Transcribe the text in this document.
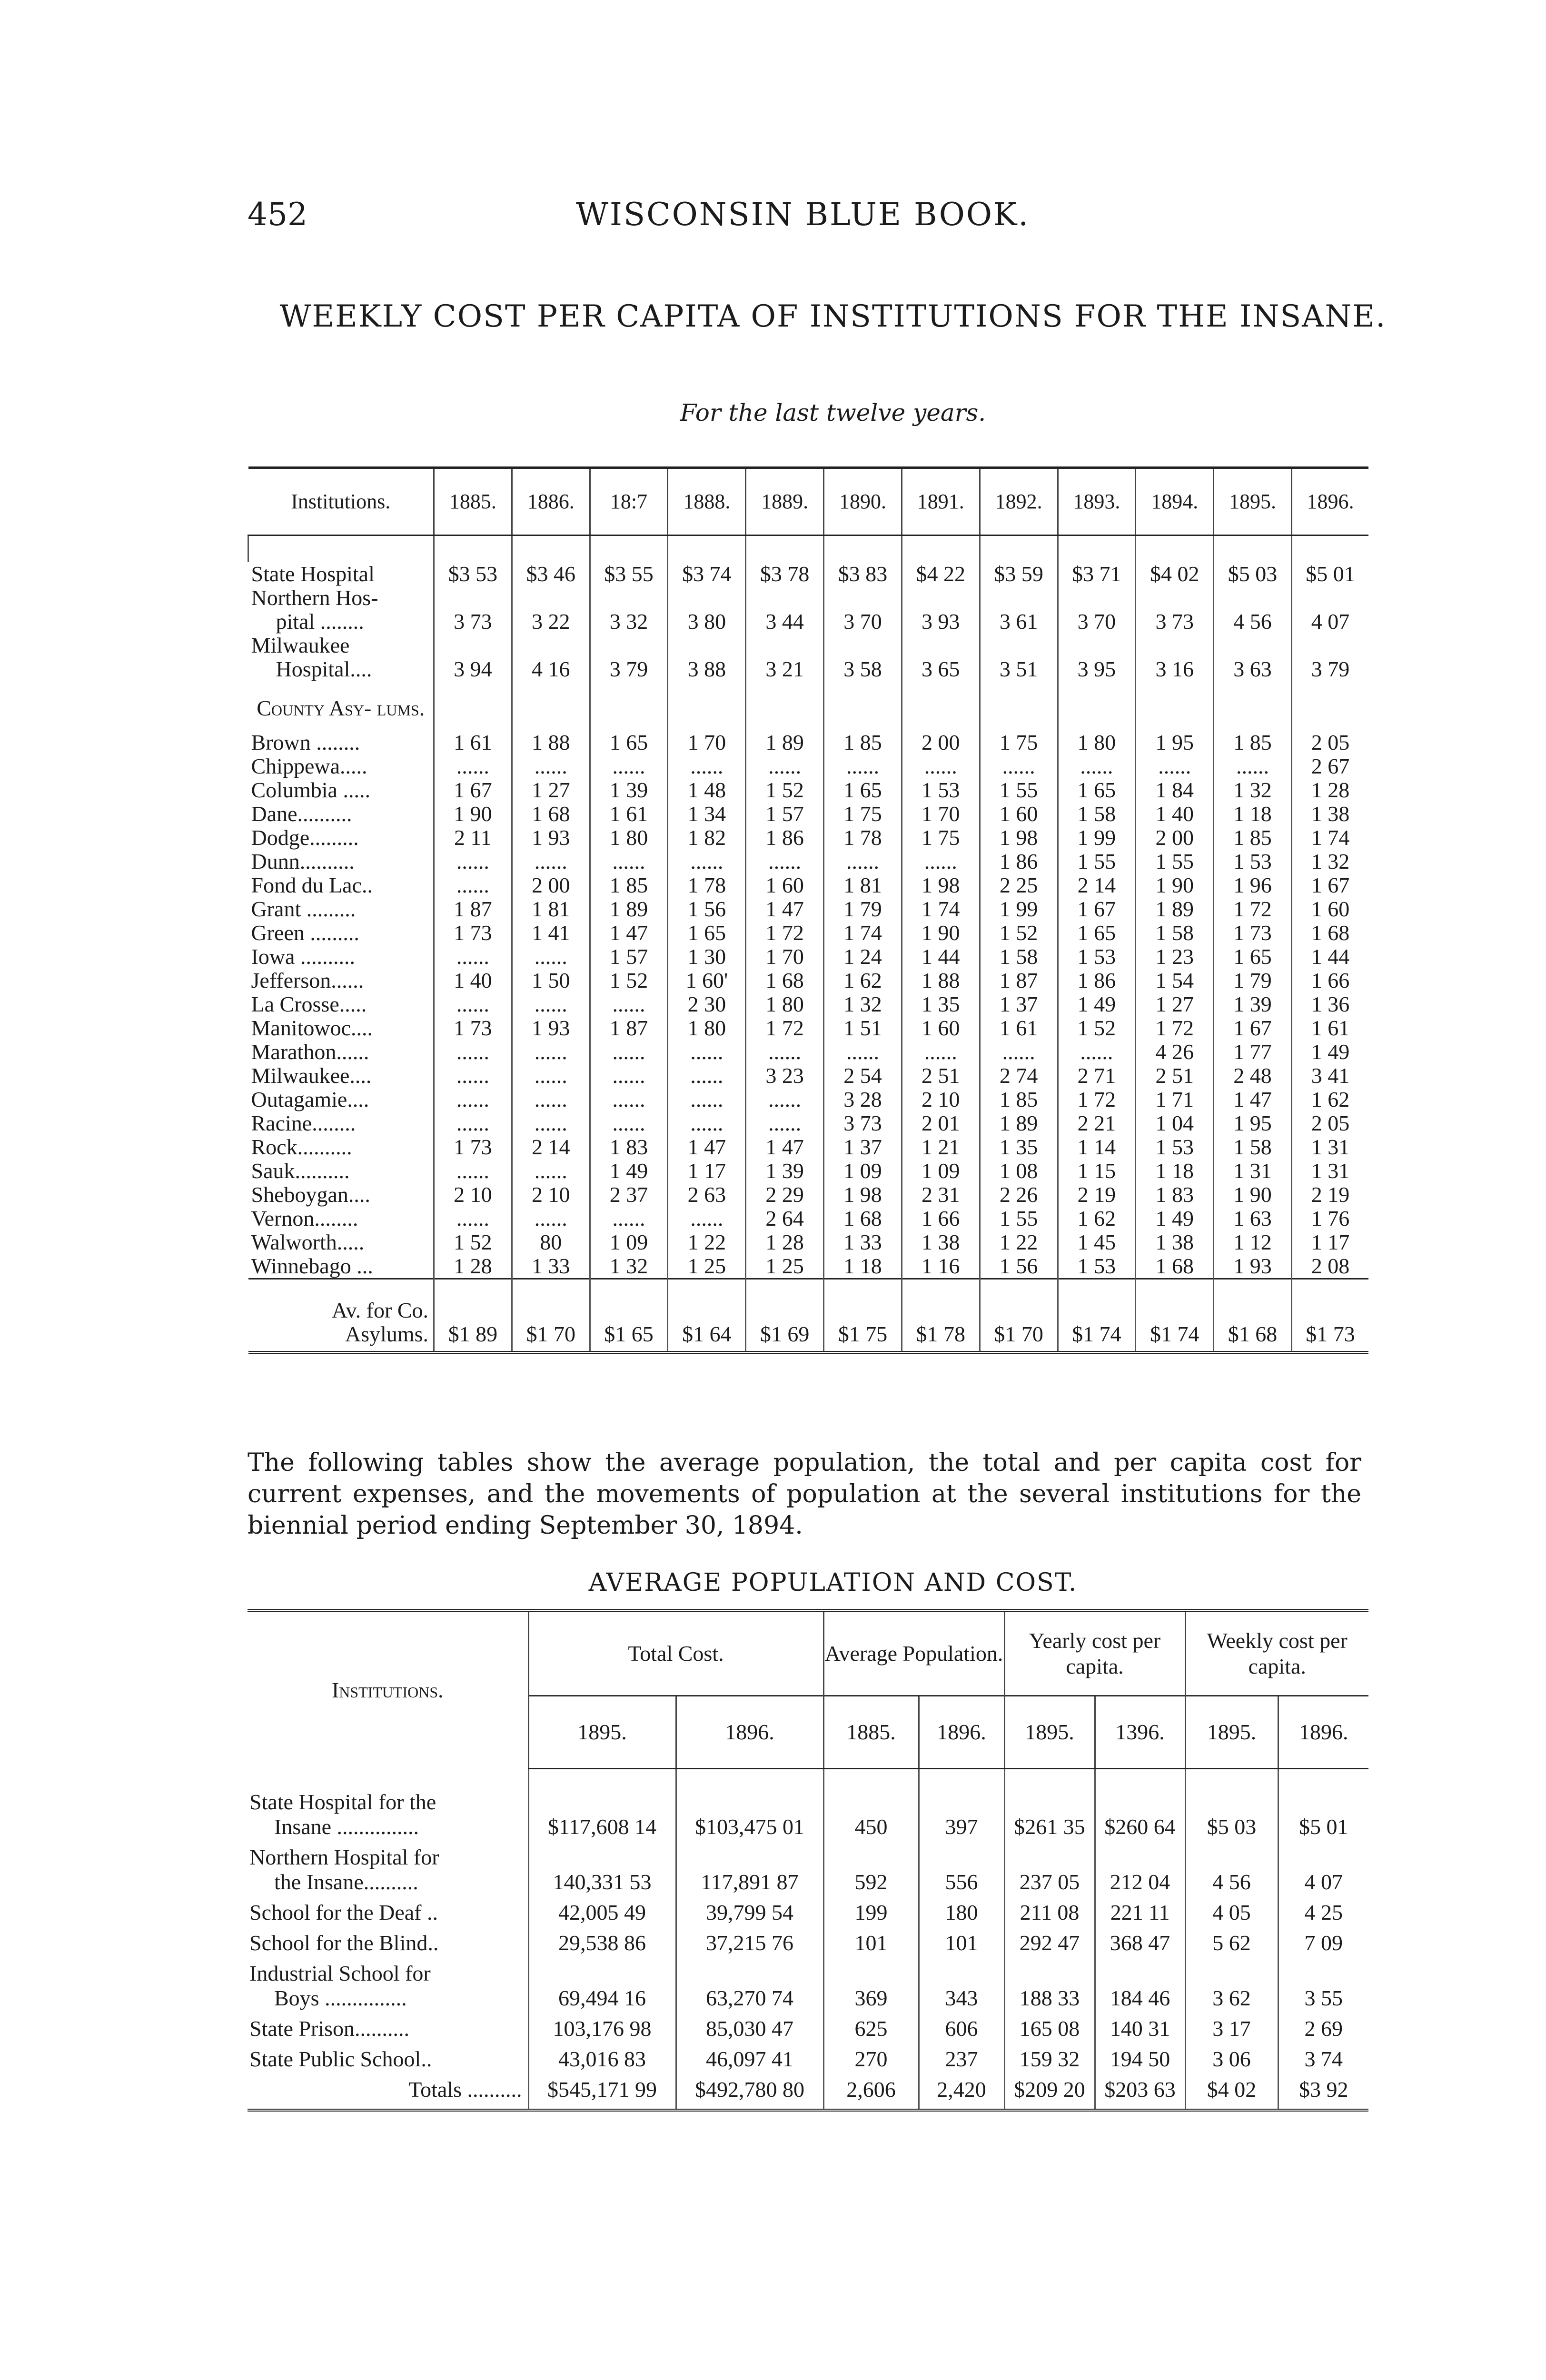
452	WISCONSIN BLUE BOOK.
WEEKLY COST PER CAPITA OF INSTITUTIONS FOR THE INSANE.
For the last twelve years.
Institutions.	1885.	1886.	18:7	1888.	1889.	1890.	1891.	1892.	1893.	1894.	1895.	1896.

State Hospital	$3 53	$3 46	$3 55	$3 74	$3 78	$3 83	$4 22	$3 59	$3 71	$4 02	$5 03	$5 01
Northern Hos-
pital ........	3 73	3 22	3 32	3 80	3 44	3 70	3 93	3 61	3 70	3 73	4 56	4 07
Milwaukee
Hospital....	3 94	4 16	3 79	3 88	3 21	3 58	3 65	3 51	3 95	3 16	3 63	3 79
County Asy- lums.												
Brown ........	1 61	1 88	1 65	1 70	1 89	1 85	2 00	1 75	1 80	1 95	1 85	2 05
Chippewa.....	......	......	......	......	......	......	......	......	......	......	......	2 67
Columbia .....	1 67	1 27	1 39	1 48	1 52	1 65	1 53	1 55	1 65	1 84	1 32	1 28
Dane..........	1 90	1 68	1 61	1 34	1 57	1 75	1 70	1 60	1 58	1 40	1 18	1 38
Dodge.........	2 11	1 93	1 80	1 82	1 86	1 78	1 75	1 98	1 99	2 00	1 85	1 74
Dunn..........	......	......	......	......	......	......	......	1 86	1 55	1 55	1 53	1 32
Fond du Lac..	......	2 00	1 85	1 78	1 60	1 81	1 98	2 25	2 14	1 90	1 96	1 67
Grant .........	1 87	1 81	1 89	1 56	1 47	1 79	1 74	1 99	1 67	1 89	1 72	1 60
Green .........	1 73	1 41	1 47	1 65	1 72	1 74	1 90	1 52	1 65	1 58	1 73	1 68
Iowa ..........	......	......	1 57	1 30	1 70	1 24	1 44	1 58	1 53	1 23	1 65	1 44
Jefferson......	1 40	1 50	1 52	1 60'	1 68	1 62	1 88	1 87	1 86	1 54	1 79	1 66
La Crosse.....	......	......	......	2 30	1 80	1 32	1 35	1 37	1 49	1 27	1 39	1 36
Manitowoc....	1 73	1 93	1 87	1 80	1 72	1 51	1 60	1 61	1 52	1 72	1 67	1 61
Marathon......	......	......	......	......	......	......	......	......	......	4 26	1 77	1 49
Milwaukee....	......	......	......	......	3 23	2 54	2 51	2 74	2 71	2 51	2 48	3 41
Outagamie....	......	......	......	......	......	3 28	2 10	1 85	1 72	1 71	1 47	1 62
Racine........	......	......	......	......	......	3 73	2 01	1 89	2 21	1 04	1 95	2 05
Rock..........	1 73	2 14	1 83	1 47	1 47	1 37	1 21	1 35	1 14	1 53	1 58	1 31
Sauk..........	......	......	1 49	1 17	1 39	1 09	1 09	1 08	1 15	1 18	1 31	1 31
Sheboygan....	2 10	2 10	2 37	2 63	2 29	1 98	2 31	2 26	2 19	1 83	1 90	2 19
Vernon........	......	......	......	......	2 64	1 68	1 66	1 55	1 62	1 49	1 63	1 76
Walworth.....	1 52	80	1 09	1 22	1 28	1 33	1 38	1 22	1 45	1 38	1 12	1 17
Winnebago ...	1 28	1 33	1 32	1 25	1 25	1 18	1 16	1 56	1 53	1 68	1 93	2 08
Av. for Co.
Asylums.	$1 89	$1 70	$1 65	$1 64	$1 69	$1 75	$1 78	$1 70	$1 74	$1 74	$1 68	$1 73
The following tables show the average population, the total and per capita cost for current expenses, and the movements of population at the several institutions for the biennial period ending September 30, 1894.
AVERAGE POPULATION AND COST.
Institutions.	Total Cost.		Average Population.		Yearly cost per capita.		Weekly cost per capita.	
	1895.	1896.	1885.	1896.	1895.	1396.	1895.	1896.
State Hospital for the
Insane ...............	$117,608 14	$103,475 01	450	397	$261 35	$260 64	$5 03	$5 01
Northern Hospital for
the Insane..........	140,331 53	117,891 87	592	556	237 05	212 04	4 56	4 07
School for the Deaf ..	42,005 49	39,799 54	199	180	211 08	221 11	4 05	4 25
School for the Blind..	29,538 86	37,215 76	101	101	292 47	368 47	5 62	7 09
Industrial School for
Boys ...............	69,494 16	63,270 74	369	343	188 33	184 46	3 62	3 55
State Prison..........	103,176 98	85,030 47	625	606	165 08	140 31	3 17	2 69
State Public School..	43,016 83	46,097 41	270	237	159 32	194 50	3 06	3 74
Totals ..........	$545,171 99	$492,780 80	2,606	2,420	$209 20	$203 63	$4 02	$3 92
